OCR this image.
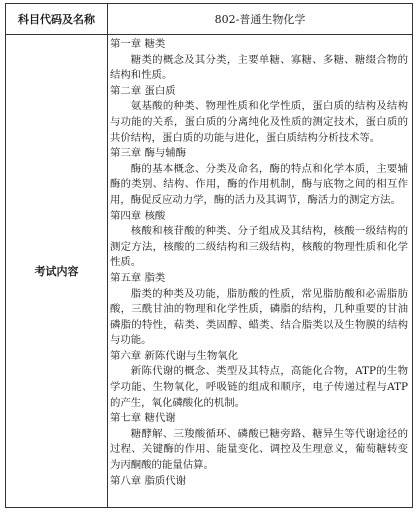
科目代码及名称	802-普通生物化学
考试内容

第一章 糖类

糖类的概念及其分类，主要单糖、寡糖、多糖、糖缀合物的结构和性质。

第二章 蛋白质

氨基酸的种类、物理性质和化学性质，蛋白质的结构及结构与功能的关系，蛋白质的分离纯化及性质的测定技术，蛋白质的共价结构，蛋白质的功能与进化，蛋白质结构分析技术等。

第三章 酶与辅酶

酶的基本概念、分类及命名，酶的特点和化学本质，主要辅酶的类别、结构、作用，酶的作用机制，酶与底物之间的相互作用，酶促反应动力学，酶的活力及其调节，酶活力的测定方法。

第四章 核酸

核酸和核苷酸的种类、分子组成及其结构，核酸一级结构的测定方法，核酸的二级结构和三级结构，核酸的物理性质和化学性质。

第五章 脂类

脂类的种类及功能，脂肪酸的性质，常见脂肪酸和必需脂肪酸，三酰甘油的物理和化学性质，磷脂的结构，几种重要的甘油磷脂的特性，萜类、类固醇、蜡类、结合脂类以及生物膜的结构与功能。

第六章 新陈代谢与生物氧化

新陈代谢的概念、类型及其特点，高能化合物，ATP的生物学功能、生物氧化，呼吸链的组成和顺序，电子传递过程与ATP的产生，氧化磷酸化的机制。

第七章 糖代谢

糖酵解、三羧酸循环、磷酸已糖旁路、糖异生等代谢途径的过程、关键酶的作用、能量变化、调控及生理意义，葡萄糖转变为丙酮酸的能量估算。

第八章 脂质代谢
